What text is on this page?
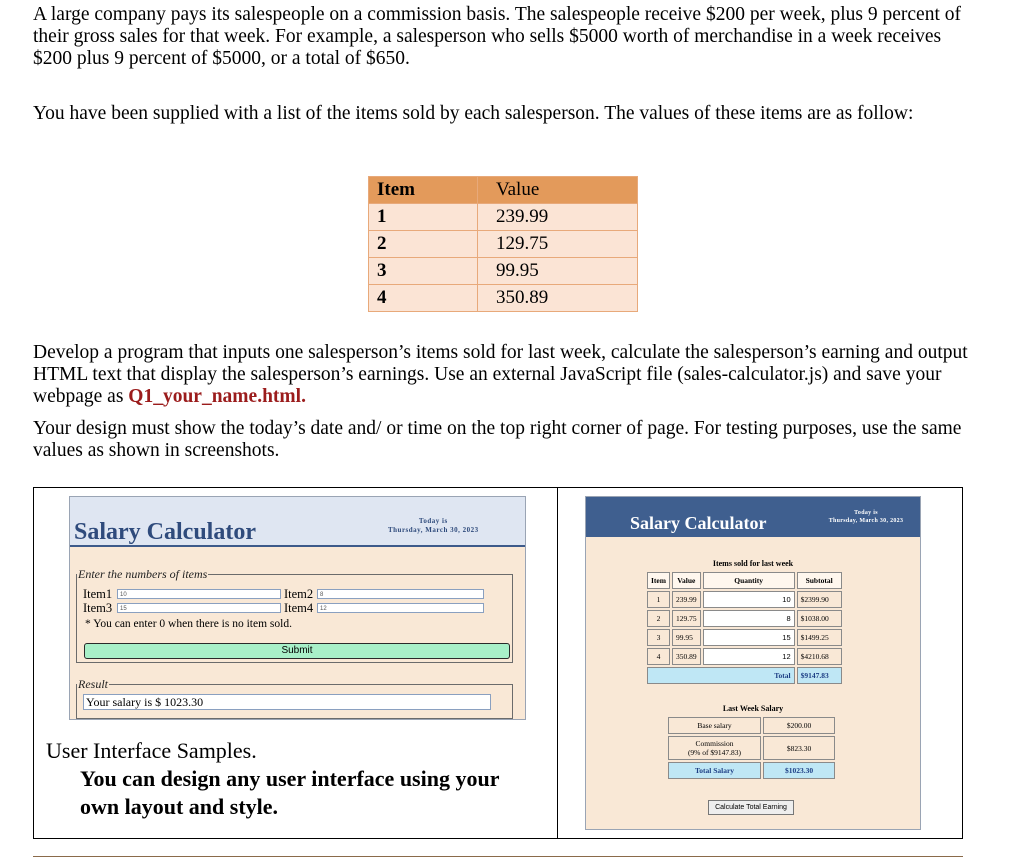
A large company pays its salespeople on a commission basis. The salespeople receive $200 per week, plus 9 percent of their gross sales for that week. For example, a salesperson who sells $5000 worth of merchandise in a week receives $200 plus 9 percent of $5000, or a total of $650.

You have been supplied with a list of the items sold by each salesperson. The values of these items are as follow:

Item	Value
1	239.99
2	129.75
3	99.95
4	350.89

Develop a program that inputs one salesperson’s items sold for last week, calculate the salesperson’s earning and output HTML text that display the salesperson’s earnings. Use an external JavaScript file (sales-calculator.js) and save your webpage as Q1_your_name.html.

Your design must show the today’s date and/ or time on the top right corner of page. For testing purposes, use the same values as shown in screenshots.

Salary Calculator	Today is
Thursday, March 30, 2023
Enter the numbers of items
Item1	10	Item2	8
Item3	15	Item4	12
* You can enter 0 when there is no item sold.
Submit
Result
Your salary is $ 1023.30
User Interface Samples.
You can design any user interface using your
own layout and style.
Salary Calculator	Today is
Thursday, March 30, 2023
Items sold for last week
Item	Value	Quantity	Subtotal
1	239.99	10	$2399.90
2	129.75	8	$1038.00
3	99.95	15	$1499.25
4	350.89	12	$4210.68
Total			$9147.83
Last Week Salary
Base salary	$200.00

Commission
(9% of $9147.83)	$823.30
Total Salary	$1023.30
Calculate Total Earning
